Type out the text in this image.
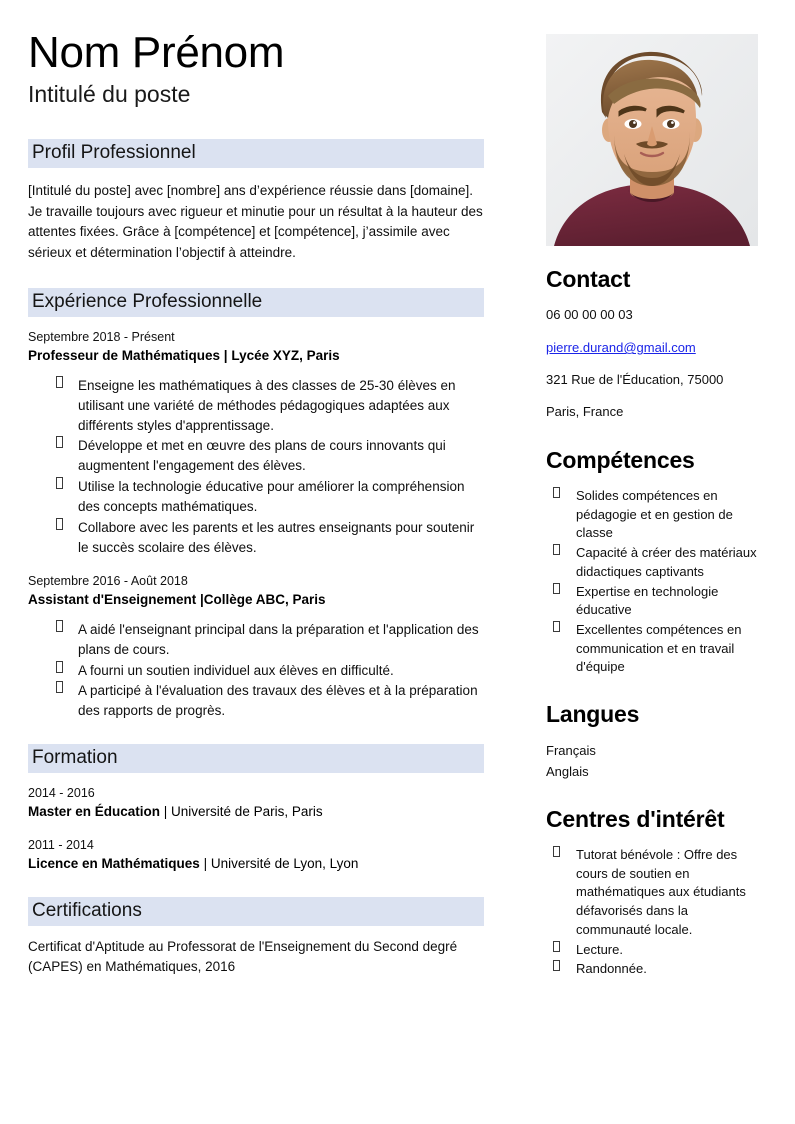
Nom Prénom
Intitulé du poste
Profil Professionnel

[Intitulé du poste] avec [nombre] ans d’expérience réussie dans [domaine]. Je travaille toujours avec rigueur et minutie pour un résultat à la hauteur des attentes fixées. Grâce à [compétence] et [compétence], j’assimile avec sérieux et détermination l’objectif à atteindre.

Expérience Professionnelle
Septembre 2018 - Présent
Professeur de Mathématiques | Lycée XYZ, Paris
Enseigne les mathématiques à des classes de 25-30 élèves en utilisant une variété de méthodes pédagogiques adaptées aux différents styles d'apprentissage.
Développe et met en œuvre des plans de cours innovants qui augmentent l'engagement des élèves.
Utilise la technologie éducative pour améliorer la compréhension des concepts mathématiques.
Collabore avec les parents et les autres enseignants pour soutenir le succès scolaire des élèves.
Septembre 2016 - Août 2018
Assistant d'Enseignement |Collège ABC, Paris
A aidé l'enseignant principal dans la préparation et l'application des plans de cours.
A fourni un soutien individuel aux élèves en difficulté.
A participé à l'évaluation des travaux des élèves et à la préparation des rapports de progrès.
Formation
2014 - 2016
Master en Éducation | Université de Paris, Paris
2011 - 2014
Licence en Mathématiques | Université de Lyon, Lyon
Certifications
Certificat d'Aptitude au Professorat de l'Enseignement du Second degré (CAPES) en Mathématiques, 2016
Contact
06 00 00 00 03
pierre.durand@gmail.com
321 Rue de l'Éducation, 75000
Paris, France
Compétences
Solides compétences en pédagogie et en gestion de classe
Capacité à créer des matériaux didactiques captivants
Expertise en technologie éducative
Excellentes compétences en communication et en travail d'équipe
Langues
Français
Anglais
Centres d'intérêt
Tutorat bénévole : Offre des cours de soutien en mathématiques aux étudiants défavorisés dans la communauté locale.
Lecture.
Randonnée.
